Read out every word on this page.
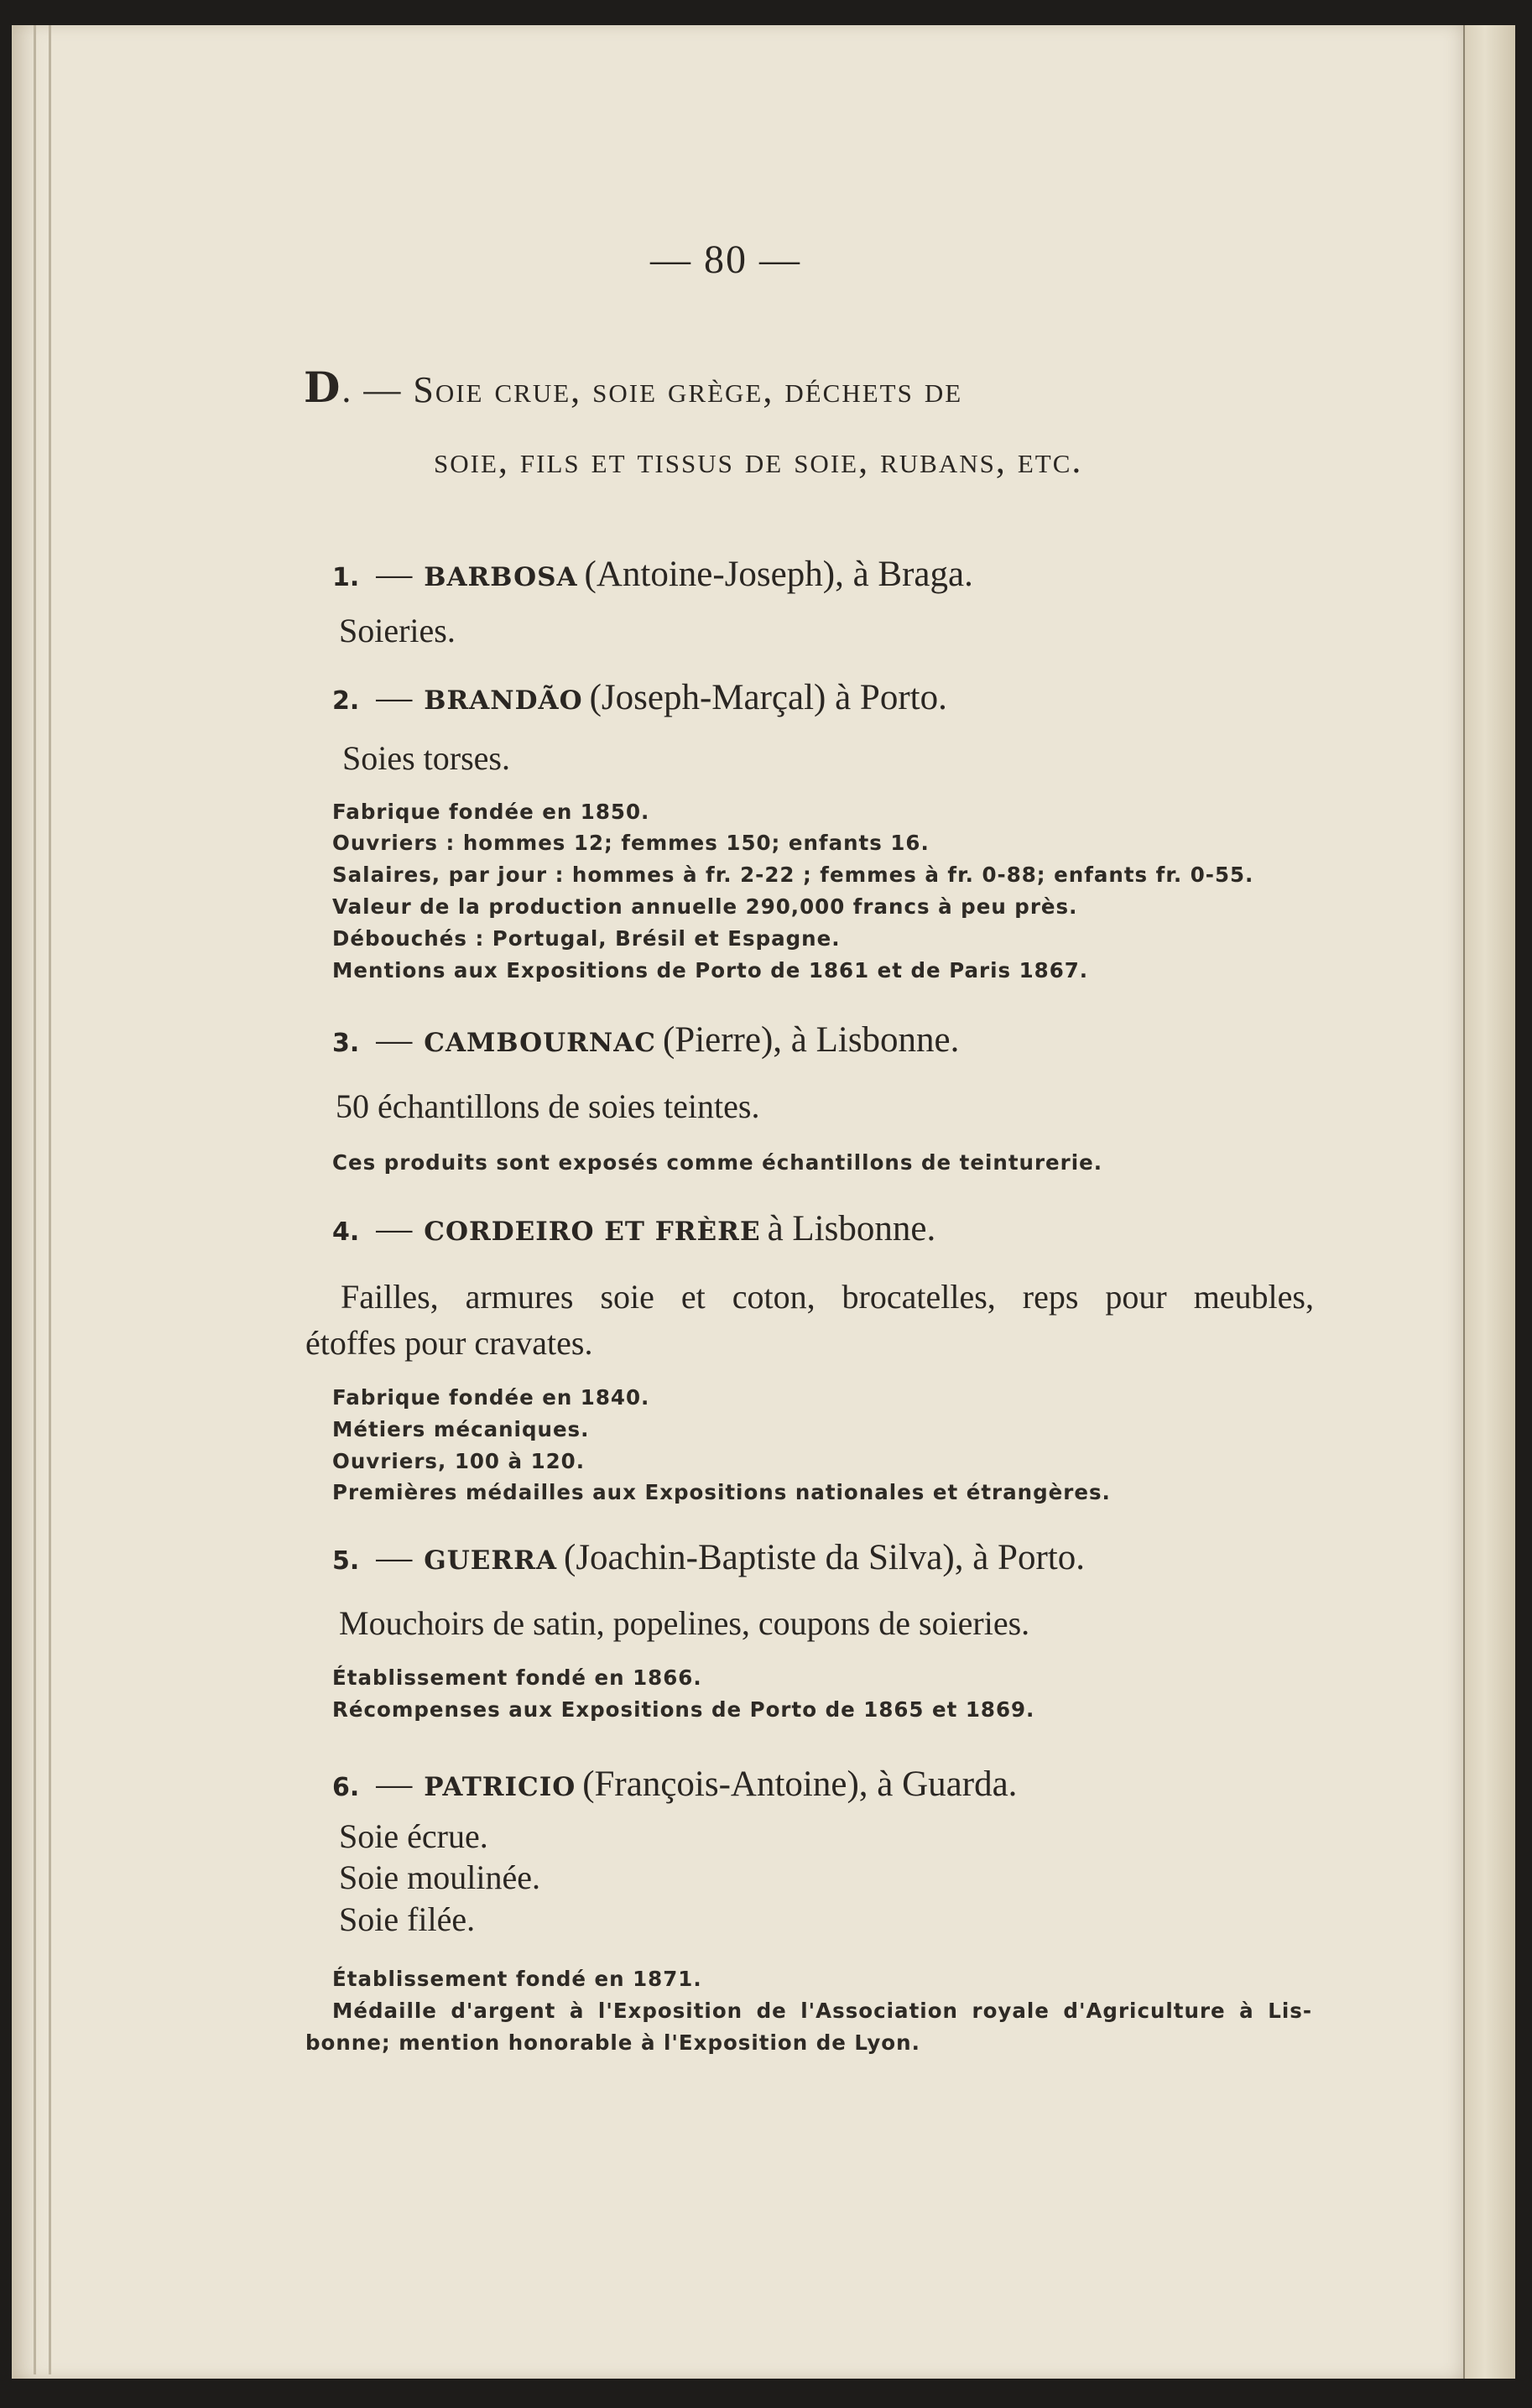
— 80 —
D. — Soie crue, soie grège, déchets de
soie, fils et tissus de soie, rubans, etc.
1. — BARBOSA (Antoine-Joseph), à Braga.
Soieries.
2. — BRANDÃO (Joseph-Marçal) à Porto.
Soies torses.
Fabrique fondée en 1850.
Ouvriers : hommes 12; femmes 150; enfants 16.
Salaires, par jour : hommes à fr. 2-22 ; femmes à fr. 0-88; enfants fr. 0-55.
Valeur de la production annuelle 290,000 francs à peu près.
Débouchés : Portugal, Brésil et Espagne.
Mentions aux Expositions de Porto de 1861 et de Paris 1867.
3. — CAMBOURNAC (Pierre), à Lisbonne.
50 échantillons de soies teintes.
Ces produits sont exposés comme échantillons de teinturerie.
4. — CORDEIRO ET FRÈRE à Lisbonne.
Failles, armures soie et coton, brocatelles, reps pour meubles,
étoffes pour cravates.
Fabrique fondée en 1840.
Métiers mécaniques.
Ouvriers, 100 à 120.
Premières médailles aux Expositions nationales et étrangères.
5. — GUERRA (Joachin-Baptiste da Silva), à Porto.
Mouchoirs de satin, popelines, coupons de soieries.
Établissement fondé en 1866.
Récompenses aux Expositions de Porto de 1865 et 1869.
6. — PATRICIO (François-Antoine), à Guarda.
Soie écrue.
Soie moulinée.
Soie filée.
Établissement fondé en 1871.
Médaille d'argent à l'Exposition de l'Association royale d'Agriculture à Lis-
bonne; mention honorable à l'Exposition de Lyon.
